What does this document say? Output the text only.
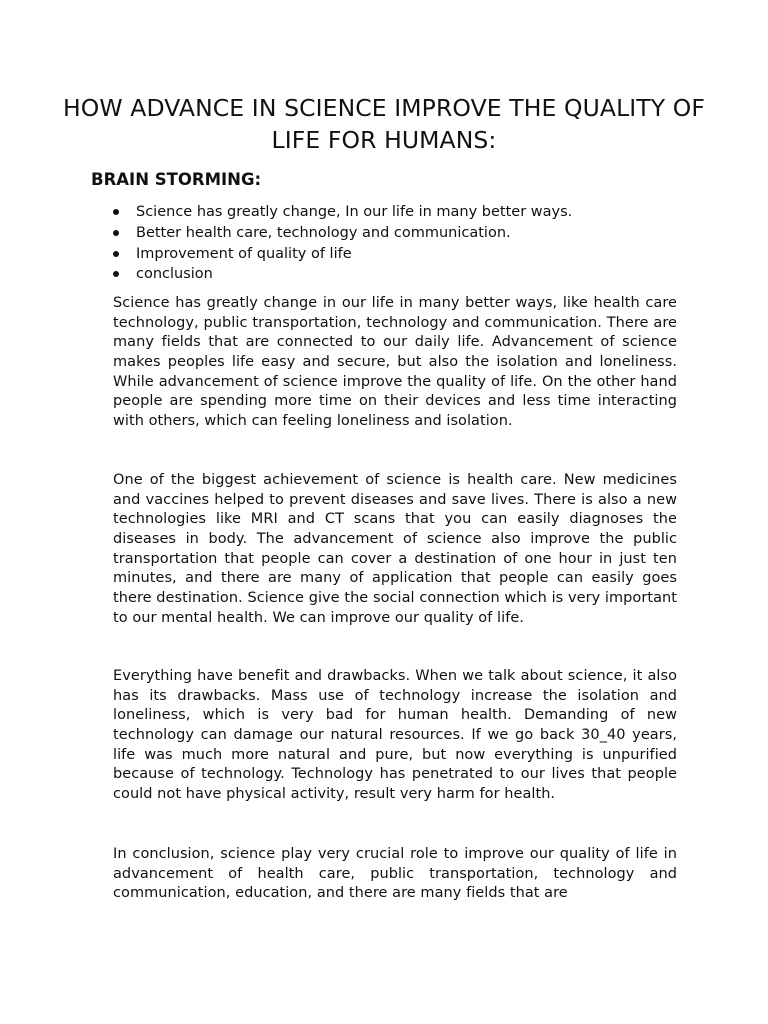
HOW ADVANCE IN SCIENCE IMPROVE THE QUALITY OF LIFE FOR HUMANS:
BRAIN STORMING:
Science has greatly change, In our life in many better ways.
Better health care, technology and communication.
Improvement of quality of life
conclusion

Science has greatly change in our life in many better ways, like health care technology, public transportation, technology and communication. There are many fields that are connected to our daily life. Advancement of science makes peoples life easy and secure, but also the isolation and loneliness. While advancement of science improve the quality of life. On the other hand people are spending more time on their devices and less time interacting with others, which can feeling loneliness and isolation.

One of the biggest achievement of science is health care. New medicines and vaccines helped to prevent diseases and save lives. There is also a new technologies like MRI and CT scans that you can easily diagnoses the diseases in body. The advancement of science also improve the public transportation that people can cover a destination of one hour in just ten minutes, and there are many of application that people can easily goes there destination. Science give the social connection which is very important to our mental health. We can improve our quality of life.

Everything have benefit and drawbacks. When we talk about science, it also has its drawbacks. Mass use of technology increase the isolation and loneliness, which is very bad for human health. Demanding of new technology can damage our natural resources. If we go back 30_40 years, life was much more natural and pure, but now everything is unpurified because of technology. Technology has penetrated to our lives that people could not have physical activity, result very harm for health.

In conclusion, science play very crucial role to improve our quality of life in advancement of health care, public transportation, technology and communication, education, and there are many fields that are
